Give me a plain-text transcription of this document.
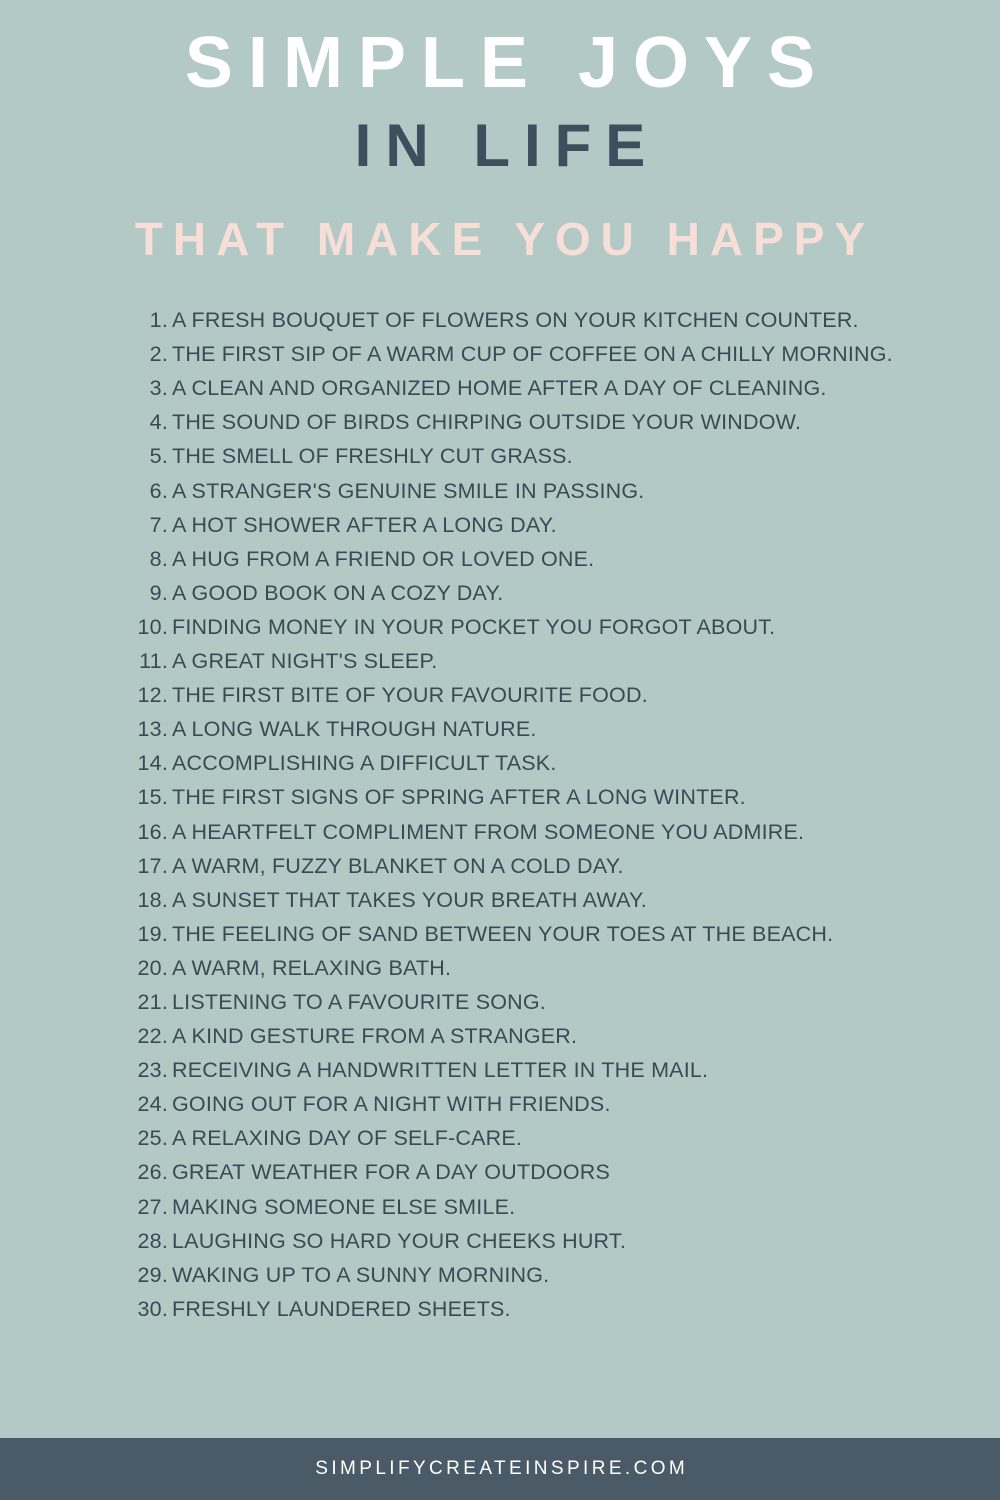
SIMPLE JOYS
IN LIFE
THAT MAKE YOU HAPPY
A FRESH BOUQUET OF FLOWERS ON YOUR KITCHEN COUNTER.
THE FIRST SIP OF A WARM CUP OF COFFEE ON A CHILLY MORNING.
A CLEAN AND ORGANIZED HOME AFTER A DAY OF CLEANING.
THE SOUND OF BIRDS CHIRPING OUTSIDE YOUR WINDOW.
THE SMELL OF FRESHLY CUT GRASS.
A STRANGER'S GENUINE SMILE IN PASSING.
A HOT SHOWER AFTER A LONG DAY.
A HUG FROM A FRIEND OR LOVED ONE.
A GOOD BOOK ON A COZY DAY.
FINDING MONEY IN YOUR POCKET YOU FORGOT ABOUT.
A GREAT NIGHT'S SLEEP.
THE FIRST BITE OF YOUR FAVOURITE FOOD.
A LONG WALK THROUGH NATURE.
ACCOMPLISHING A DIFFICULT TASK.
THE FIRST SIGNS OF SPRING AFTER A LONG WINTER.
A HEARTFELT COMPLIMENT FROM SOMEONE YOU ADMIRE.
A WARM, FUZZY BLANKET ON A COLD DAY.
A SUNSET THAT TAKES YOUR BREATH AWAY.
THE FEELING OF SAND BETWEEN YOUR TOES AT THE BEACH.
A WARM, RELAXING BATH.
LISTENING TO A FAVOURITE SONG.
A KIND GESTURE FROM A STRANGER.
RECEIVING A HANDWRITTEN LETTER IN THE MAIL.
GOING OUT FOR A NIGHT WITH FRIENDS.
A RELAXING DAY OF SELF-CARE.
GREAT WEATHER FOR A DAY OUTDOORS
MAKING SOMEONE ELSE SMILE.
LAUGHING SO HARD YOUR CHEEKS HURT.
WAKING UP TO A SUNNY MORNING.
FRESHLY LAUNDERED SHEETS.
SIMPLIFYCREATEINSPIRE.COM
